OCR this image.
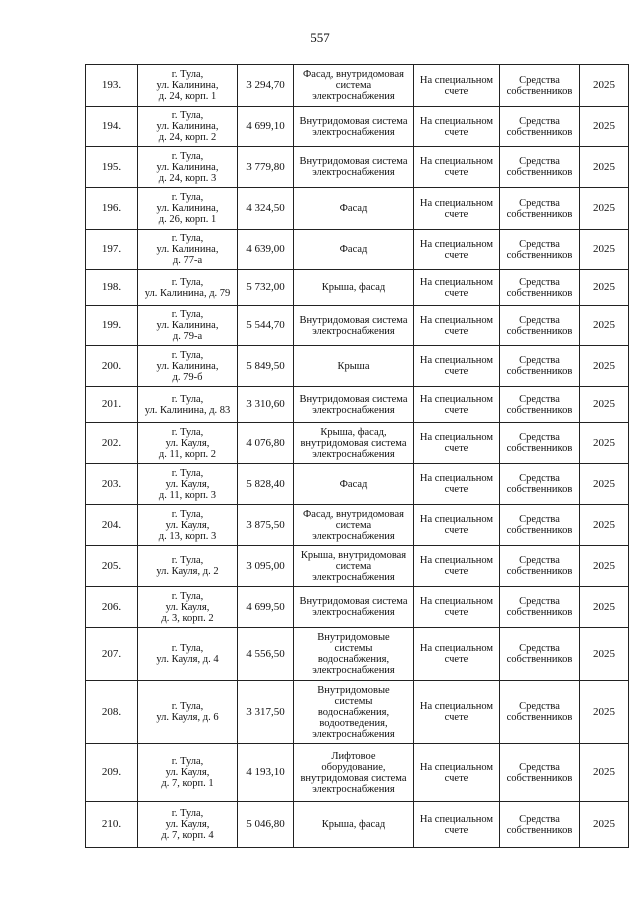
557
193.	г. Тула,
ул. Калинина,
д. 24, корп. 1	3 294,70	Фасад, внутридомовая
система
электроснабжения	На специальном
счете	Средства
собственников	2025
194.	г. Тула,
ул. Калинина,
д. 24, корп. 2	4 699,10	Внутридомовая система
электроснабжения	На специальном
счете	Средства
собственников	2025
195.	г. Тула,
ул. Калинина,
д. 24, корп. 3	3 779,80	Внутридомовая система
электроснабжения	На специальном
счете	Средства
собственников	2025
196.	г. Тула,
ул. Калинина,
д. 26, корп. 1	4 324,50	Фасад	На специальном
счете	Средства
собственников	2025
197.	г. Тула,
ул. Калинина,
д. 77-а	4 639,00	Фасад	На специальном
счете	Средства
собственников	2025
198.	г. Тула,
ул. Калинина, д. 79	5 732,00	Крыша, фасад	На специальном
счете	Средства
собственников	2025
199.	г. Тула,
ул. Калинина,
д. 79-а	5 544,70	Внутридомовая система
электроснабжения	На специальном
счете	Средства
собственников	2025
200.	г. Тула,
ул. Калинина,
д. 79-б	5 849,50	Крыша	На специальном
счете	Средства
собственников	2025
201.	г. Тула,
ул. Калинина, д. 83	3 310,60	Внутридомовая система
электроснабжения	На специальном
счете	Средства
собственников	2025
202.	г. Тула,
ул. Кауля,
д. 11, корп. 2	4 076,80	Крыша, фасад,
внутридомовая система
электроснабжения	На специальном
счете	Средства
собственников	2025
203.	г. Тула,
ул. Кауля,
д. 11, корп. 3	5 828,40	Фасад	На специальном
счете	Средства
собственников	2025
204.	г. Тула,
ул. Кауля,
д. 13, корп. 3	3 875,50	Фасад, внутридомовая
система
электроснабжения	На специальном
счете	Средства
собственников	2025
205.	г. Тула,
ул. Кауля, д. 2	3 095,00	Крыша, внутридомовая
система
электроснабжения	На специальном
счете	Средства
собственников	2025
206.	г. Тула,
ул. Кауля,
д. 3, корп. 2	4 699,50	Внутридомовая система
электроснабжения	На специальном
счете	Средства
собственников	2025
207.	г. Тула,
ул. Кауля, д. 4	4 556,50	Внутридомовые
системы
водоснабжения,
электроснабжения	На специальном
счете	Средства
собственников	2025
208.	г. Тула,
ул. Кауля, д. 6	3 317,50	Внутридомовые
системы
водоснабжения,
водоотведения,
электроснабжения	На специальном
счете	Средства
собственников	2025
209.	г. Тула,
ул. Кауля,
д. 7, корп. 1	4 193,10	Лифтовое
оборудование,
внутридомовая система
электроснабжения	На специальном
счете	Средства
собственников	2025
210.	г. Тула,
ул. Кауля,
д. 7, корп. 4	5 046,80	Крыша, фасад	На специальном
счете	Средства
собственников	2025
